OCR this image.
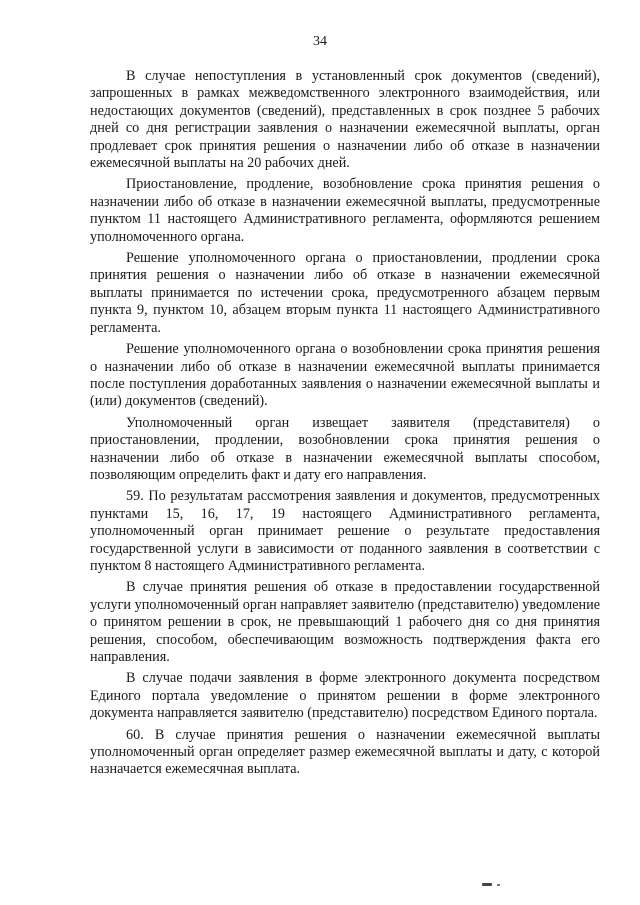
34

В случае непоступления в установленный срок документов (сведений), запрошенных в рамках межведомственного электронного взаимодействия, или недостающих документов (сведений), представленных в срок позднее 5 рабочих дней со дня регистрации заявления о назначении ежемесячной выплаты, орган продлевает срок принятия решения о назначении либо об отказе в назначении ежемесячной выплаты на 20 рабочих дней.

Приостановление, продление, возобновление срока принятия решения о назначении либо об отказе в назначении ежемесячной выплаты, предусмотренные пунктом 11 настоящего Административного регламента, оформляются решением уполномоченного органа.

Решение уполномоченного органа о приостановлении, продлении срока принятия решения о назначении либо об отказе в назначении ежемесячной выплаты принимается по истечении срока, предусмотренного абзацем первым пункта 9, пунктом 10, абзацем вторым пункта 11 настоящего Административного регламента.

Решение уполномоченного органа о возобновлении срока принятия решения о назначении либо об отказе в назначении ежемесячной выплаты принимается после поступления доработанных заявления о назначении ежемесячной выплаты и (или) документов (сведений).

Уполномоченный орган извещает заявителя (представителя) о приостановлении, продлении, возобновлении срока принятия решения о назначении либо об отказе в назначении ежемесячной выплаты способом, позволяющим определить факт и дату его направления.

59. По результатам рассмотрения заявления и документов, предусмотренных пунктами 15, 16, 17, 19 настоящего Административного регламента, уполномоченный орган принимает решение о результате предоставления государственной услуги в зависимости от поданного заявления в соответствии с пунктом 8 настоящего Административного регламента.

В случае принятия решения об отказе в предоставлении государственной услуги уполномоченный орган направляет заявителю (представителю) уведомление о принятом решении в срок, не превышающий 1 рабочего дня со дня принятия решения, способом, обеспечивающим возможность подтверждения факта его направления.

В случае подачи заявления в форме электронного документа посредством Единого портала уведомление о принятом решении в форме электронного документа направляется заявителю (представителю) посредством Единого портала.

60. В случае принятия решения о назначении ежемесячной выплаты уполномоченный орган определяет размер ежемесячной выплаты и дату, с которой назначается ежемесячная выплата.
